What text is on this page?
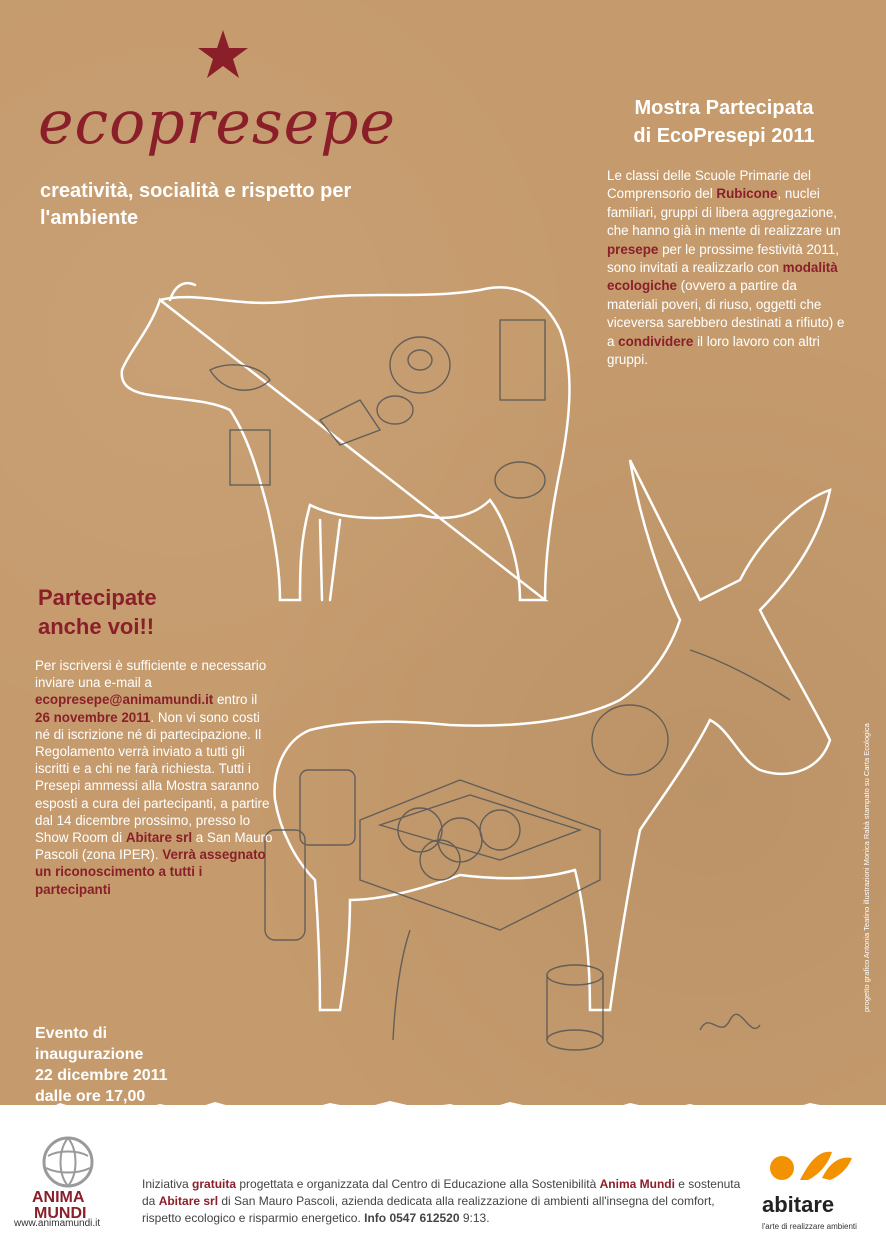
ecopresepe
creatività, socialità e rispetto per l'ambiente
Mostra Partecipata
di EcoPresepi 2011
Le classi delle Scuole Primarie del Comprensorio del Rubicone, nuclei familiari, gruppi di libera aggregazione, che hanno già in mente di realizzare un presepe per le prossime festività 2011, sono invitati a realizzarlo con modalità ecologiche (ovvero a partire da materiali poveri, di riuso, oggetti che viceversa sarebbero destinati a rifiuto) e a condividere il loro lavoro con altri gruppi.
Partecipate
anche voi!!
Per iscriversi è sufficiente e necessario inviare una e-mail a ecopresepe@animamundi.it entro il 26 novembre 2011. Non vi sono costi né di iscrizione né di partecipazione. Il Regolamento verrà inviato a tutti gli iscritti e a chi ne farà richiesta. Tutti i Presepi ammessi alla Mostra saranno esposti a cura dei partecipanti, a partire dal 14 dicembre prossimo, presso lo Show Room di Abitare srl a San Mauro Pascoli (zona IPER). Verrà assegnato un riconoscimento a tutti i partecipanti
Evento di
inaugurazione
22 dicembre 2011
dalle ore 17,00
progetto grafico Antonia Teatino illustrazioni Monica Rabà stampato su Carta Ecologica
ANIMA
MUNDI
www.animamundi.it
Iniziativa gratuita progettata e organizzata dal Centro di Educazione alla Sostenibilità Anima Mundi e sostenuta da Abitare srl di San Mauro Pascoli, azienda dedicata alla realizzazione di ambienti all'insegna del comfort, rispetto ecologico e risparmio energetico. Info 0547 612520 9:13.
abitare
l'arte di realizzare ambienti
